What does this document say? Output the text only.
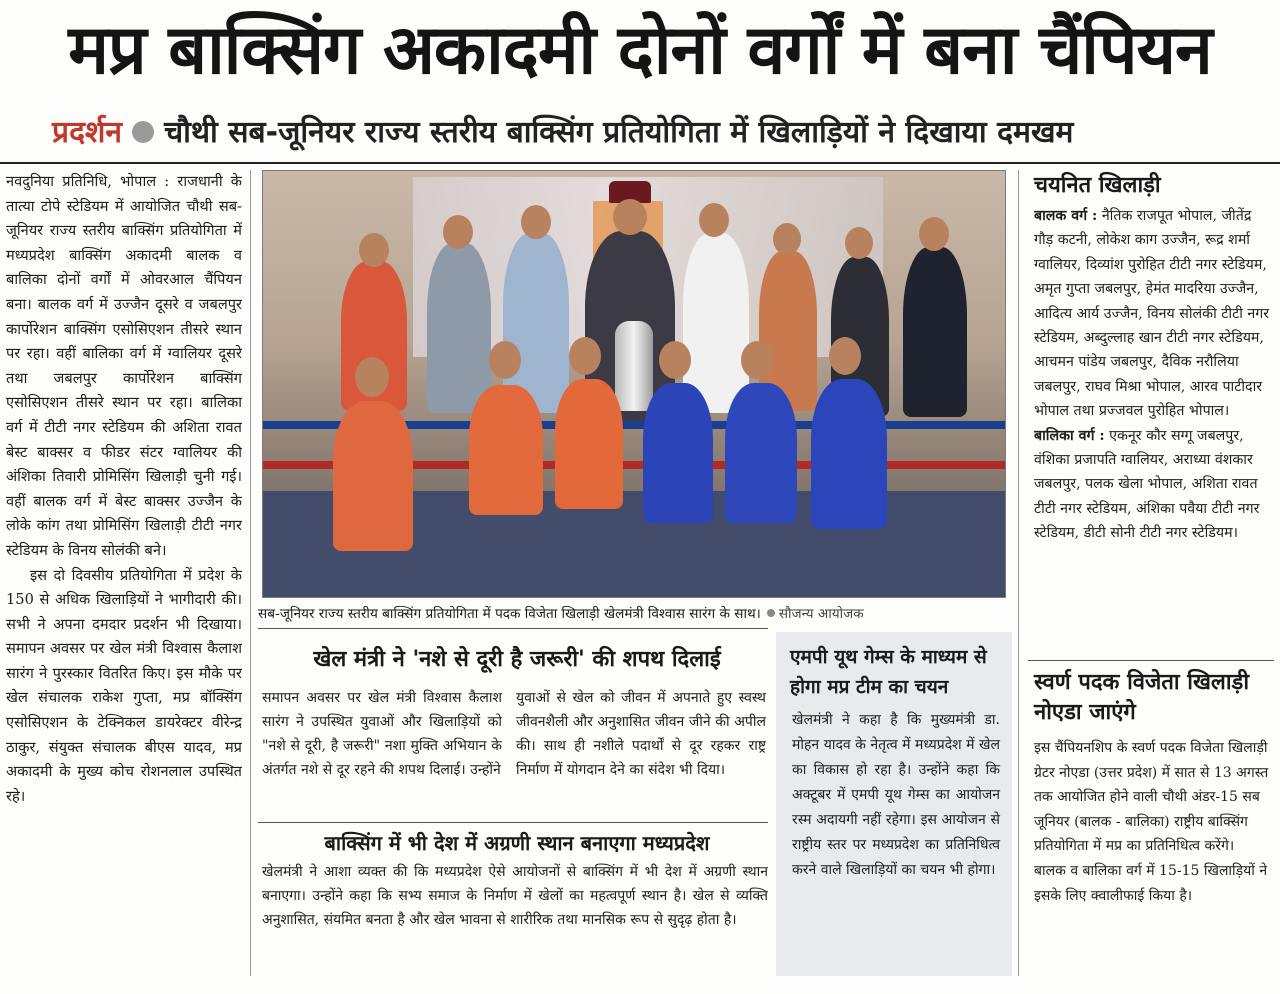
मप्र बाक्सिंग अकादमी दोनों वर्गों में बना चैंपियन
प्रदर्शन चौथी सब-जूनियर राज्य स्तरीय बाक्सिंग प्रतियोगिता में खिलाड़ियों ने दिखाया दमखम

नवदुनिया प्रतिनिधि, भोपाल : राजधानी के तात्या टोपे स्टेडियम में आयोजित चौथी सब-जूनियर राज्य स्तरीय बाक्सिंग प्रतियोगिता में मध्यप्रदेश बाक्सिंग अकादमी बालक व बालिका दोनों वर्गों में ओवरआल चैंपियन बना। बालक वर्ग में उज्जैन दूसरे व जबलपुर कार्पोरेशन बाक्सिंग एसोसिएशन तीसरे स्थान पर रहा। वहीं बालिका वर्ग में ग्वालियर दूसरे तथा जबलपुर कार्पोरेशन बाक्सिंग एसोसिएशन तीसरे स्थान पर रहा। बालिका वर्ग में टीटी नगर स्टेडियम की अशिता रावत बेस्ट बाक्सर व फीडर संटर ग्वालियर की अंशिका तिवारी प्रोमिसिंग खिलाड़ी चुनी गई। वहीं बालक वर्ग में बेस्ट बाक्सर उज्जैन के लोके कांग तथा प्रोमिसिंग खिलाड़ी टीटी नगर स्टेडियम के विनय सोलंकी बने।

इस दो दिवसीय प्रतियोगिता में प्रदेश के 150 से अधिक खिलाड़ियों ने भागीदारी की। सभी ने अपना दमदार प्रदर्शन भी दिखाया। समापन अवसर पर खेल मंत्री विश्वास कैलाश सारंग ने पुरस्कार वितरित किए। इस मौके पर खेल संचालक राकेश गुप्ता, मप्र बॉक्सिंग एसोसिएशन के टेक्निकल डायरेक्टर वीरेन्द्र ठाकुर, संयुक्त संचालक बीएस यादव, मप्र अकादमी के मुख्य कोच रोशनलाल उपस्थित रहे।

सब-जूनियर राज्य स्तरीय बाक्सिंग प्रतियोगिता में पदक विजेता खिलाड़ी खेलमंत्री विश्वास सारंग के साथ। सौजन्य आयोजक
खेल मंत्री ने 'नशे से दूरी है जरूरी' की शपथ दिलाई

समापन अवसर पर खेल मंत्री विश्वास कैलाश सारंग ने उपस्थित युवाओं और खिलाड़ियों को "नशे से दूरी, है जरूरी" नशा मुक्ति अभियान के अंतर्गत नशे से दूर रहने की शपथ दिलाई। उन्होंने

युवाओं से खेल को जीवन में अपनाते हुए स्वस्थ जीवनशैली और अनुशासित जीवन जीने की अपील की। साथ ही नशीले पदार्थों से दूर रहकर राष्ट्र निर्माण में योगदान देने का संदेश भी दिया।

बाक्सिंग में भी देश में अग्रणी स्थान बनाएगा मध्यप्रदेश

खेलमंत्री ने आशा व्यक्त की कि मध्यप्रदेश ऐसे आयोजनों से बाक्सिंग में भी देश में अग्रणी स्थान बनाएगा। उन्होंने कहा कि सभ्य समाज के निर्माण में खेलों का महत्वपूर्ण स्थान है। खेल से व्यक्ति अनुशासित, संयमित बनता है और खेल भावना से शारीरिक तथा मानसिक रूप से सुदृढ़ होता है।

एमपी यूथ गेम्स के माध्यम से होगा मप्र टीम का चयन

खेलमंत्री ने कहा है कि मुख्यमंत्री डा. मोहन यादव के नेतृत्व में मध्यप्रदेश में खेल का विकास हो रहा है। उन्होंने कहा कि अक्टूबर में एमपी यूथ गेम्स का आयोजन रस्म अदायगी नहीं रहेगा। इस आयोजन से राष्ट्रीय स्तर पर मध्यप्रदेश का प्रतिनिधित्व करने वाले खिलाड़ियों का चयन भी होगा।

चयनित खिलाड़ी

बालक वर्ग : नैतिक राजपूत भोपाल, जीतेंद्र गौड़ कटनी, लोकेश काग उज्जैन, रूद्र शर्मा ग्वालियर, दिव्यांश पुरोहित टीटी नगर स्टेडियम, अमृत गुप्ता जबलपुर, हेमंत मादरिया उज्जैन, आदित्य आर्य उज्जैन, विनय सोलंकी टीटी नगर स्टेडियम, अब्दुल्लाह खान टीटी नगर स्टेडियम, आचमन पांडेय जबलपुर, दैविक नरौलिया जबलपुर, राघव मिश्रा भोपाल, आरव पाटीदार भोपाल तथा प्रज्जवल पुरोहित भोपाल।

बालिका वर्ग : एकनूर कौर सग्गू जबलपुर, वंशिका प्रजापति ग्वालियर, अराध्या वंशकार जबलपुर, पलक खेला भोपाल, अशिता रावत टीटी नगर स्टेडियम, अंशिका पवैया टीटी नगर स्टेडियम, डीटी सोनी टीटी नगर स्टेडियम।

स्वर्ण पदक विजेता खिलाड़ी नोएडा जाएंगे

इस चैंपियनशिप के स्वर्ण पदक विजेता खिलाड़ी ग्रेटर नोएडा (उत्तर प्रदेश) में सात से 13 अगस्त तक आयोजित होने वाली चौथी अंडर-15 सब जूनियर (बालक - बालिका) राष्ट्रीय बाक्सिंग प्रतियोगिता में मप्र का प्रतिनिधित्व करेंगे। बालक व बालिका वर्ग में 15-15 खिलाड़ियों ने इसके लिए क्वालीफाई किया है।
